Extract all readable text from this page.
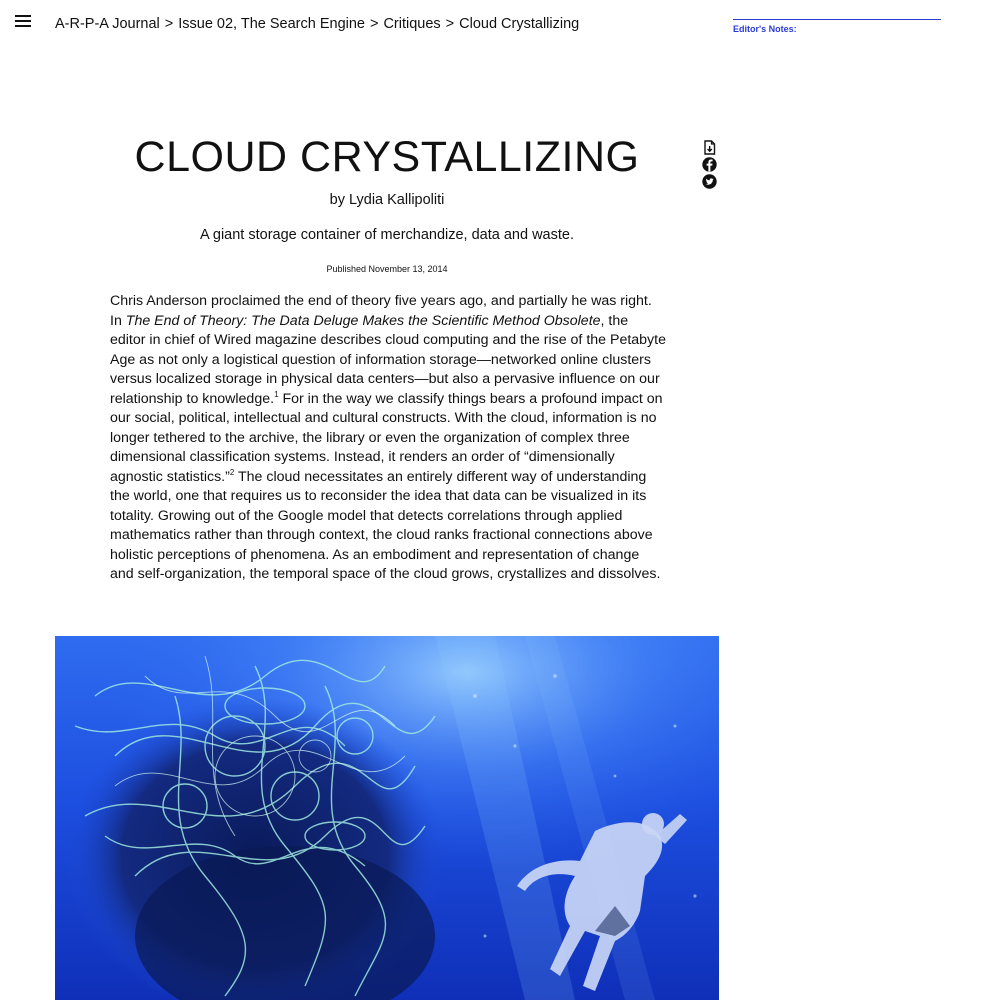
A-R-P-A Journal > Issue 02, The Search Engine > Critiques > Cloud Crystallizing	Editor's Notes:
CLOUD CRYSTALLIZING
by Lydia Kallipoliti
A giant storage container of merchandize, data and waste.
Published November 13, 2014

Chris Anderson proclaimed the end of theory five years ago, and partially he was right. In The End of Theory: The Data Deluge Makes the Scientific Method Obsolete, the editor in chief of Wired magazine describes cloud computing and the rise of the Petabyte Age as not only a logistical question of information storage—networked online clusters versus localized storage in physical data centers—but also a pervasive influence on our relationship to knowledge.$^1$ For in the way we classify things bears a profound impact on our social, political, intellectual and cultural constructs. With the cloud, information is no longer tethered to the archive, the library or even the organization of complex three dimensional classification systems. Instead, it renders an order of “dimensionally agnostic statistics.”$^2$ The cloud necessitates an entirely different way of understanding the world, one that requires us to reconsider the idea that data can be visualized in its totality. Growing out of the Google model that detects correlations through applied mathematics rather than through context, the cloud ranks fractional connections above holistic perceptions of phenomena. As an embodiment and representation of change and self-organization, the temporal space of the cloud grows, crystallizes and dissolves.
